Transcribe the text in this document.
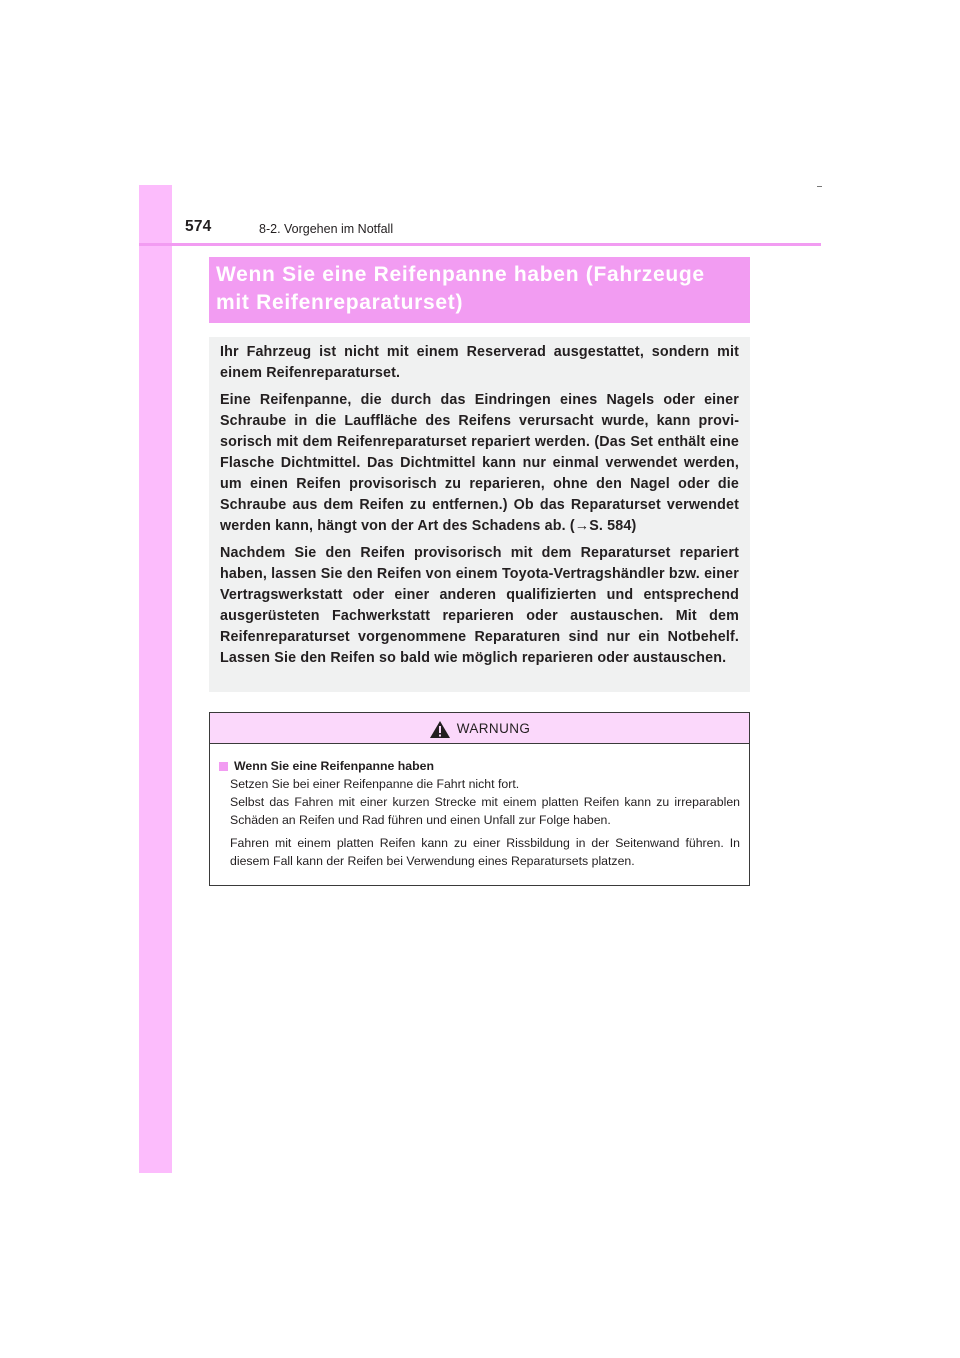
574	8-2. Vorgehen im Notfall

Wenn Sie eine Reifenpanne haben (Fahrzeuge mit Reifenreparaturset)

Ihr Fahrzeug ist nicht mit einem Reserverad ausgestattet, sondern mit einem Reifenreparaturset.

Eine Reifenpanne, die durch das Eindringen eines Nagels oder einer Schraube in die Lauffläche des Reifens verursacht wurde, kann provisorisch mit dem Reifenreparaturset repariert werden. (Das Set enthält eine Flasche Dichtmittel. Das Dichtmittel kann nur einmal verwendet werden, um einen Reifen provisorisch zu reparieren, ohne den Nagel oder die Schraube aus dem Reifen zu entfernen.) Ob das Reparaturset verwendet werden kann, hängt von der Art des Schadens ab. (→S. 584)

Nachdem Sie den Reifen provisorisch mit dem Reparaturset repariert haben, lassen Sie den Reifen von einem Toyota-Vertragshändler bzw. einer Vertragswerkstatt oder einer anderen qualifizierten und entsprechend ausgerüsteten Fachwerkstatt reparieren oder austauschen. Mit dem Reifenreparaturset vorgenommene Reparaturen sind nur ein Notbehelf. Lassen Sie den Reifen so bald wie möglich reparieren oder austauschen.

WARNUNG

Wenn Sie eine Reifenpanne haben

Setzen Sie bei einer Reifenpanne die Fahrt nicht fort.

Selbst das Fahren mit einer kurzen Strecke mit einem platten Reifen kann zu irreparablen Schäden an Reifen und Rad führen und einen Unfall zur Folge haben.

Fahren mit einem platten Reifen kann zu einer Rissbildung in der Seitenwand führen. In diesem Fall kann der Reifen bei Verwendung eines Reparatursets platzen.
